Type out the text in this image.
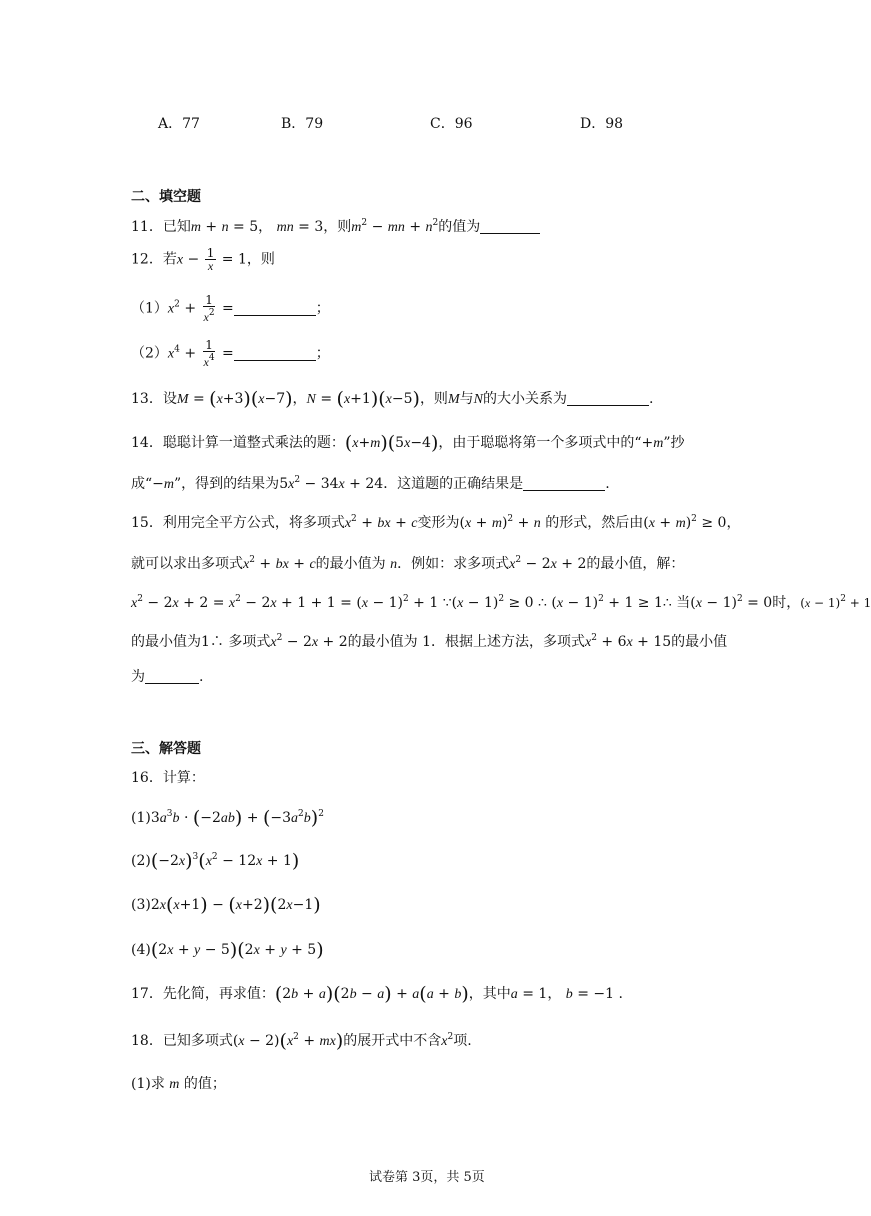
A．77	B．79	C．96	D．98
二、填空题
11．已知m + n = 5， mn = 3，则$m^2$ − mn + $n^2$的值为
12．若$x - \frac{1}{x} = 1$，则
$(1)x^2 + \frac{1}{x^2}$ =	；
$(2)x^4 + \frac{1}{x^4}$ =	；
13．设M = (x+3)(x−7)，N = (x+1)(x−5)，则M与N的大小关系为	.
14．聪聪计算一道整式乘法的题：(x+m)(5x−4)，由于聪聪将第一个多项式中的“+m”抄
成“−m”，得到的结果为$5x^2 - 34x + 24$．这道题的正确结果是	.
15．利用完全平方公式，将多项式$x^2$ + bx + c变形为$(x + m)^2 + n$ 的形式，然后由$(x + m)^2 \ge 0$，
就可以求出多项式$x^2$ + bx + c的最小值为 n．例如：求多项式$x^2 - 2x + 2$的最小值，解：
$x^2 - 2x + 2 = x^2 - 2x + 1 + 1 = (x - 1)^2 + 1$ ∵(x − 1)$^2$ ≥ 0 ∴ $(x - 1)^2 + 1$ ≥ 1∴ 当$(x - 1)^2 = 0$时，$(x - 1)^2 + 1$
的最小值为1∴ 多项式$x^2 - 2x + 2$的最小值为 1．根据上述方法，多项式$x^2 + 6x + 15$的最小值
为	.
三、解答题
16．计算：
$(1)3a^3b \cdot (-2ab) + (-3a^2b)^2$
$(2)(-2x)^3(x^2 - 12x + 1)$
(3)2x(x+1) − (x+2)(2x−1)
(4)(2x + y − 5)(2x + y + 5)
17．先化简，再求值：(2b + a)(2b − a) + a(a + b)，其中a = 1， b = −1 .
18．已知多项式$(x - 2)(x^2 + mx)$的展开式中不含$x^2$项.
(1)求 m 的值；
试卷第 3页，共 5页
